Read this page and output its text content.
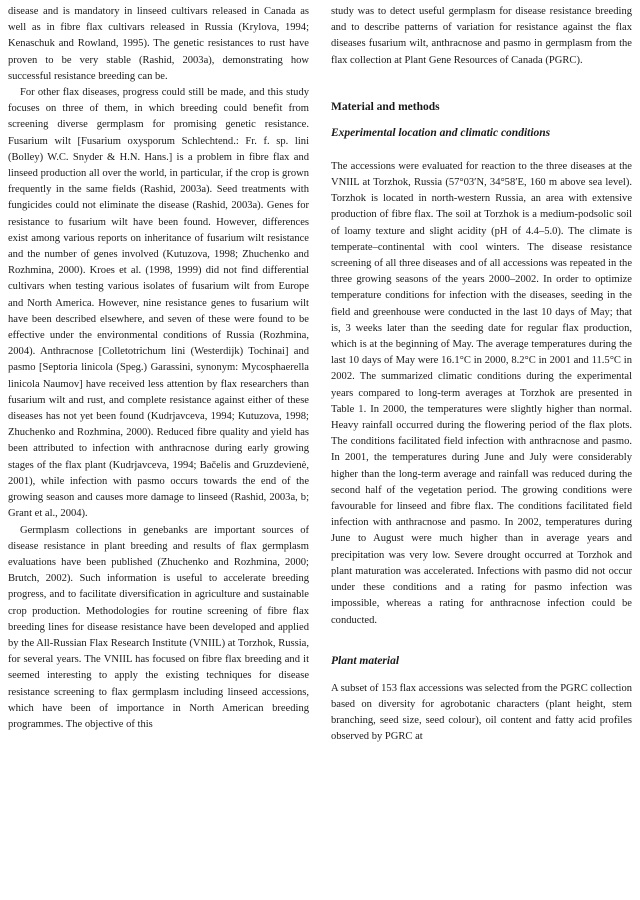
disease and is mandatory in linseed cultivars released in Canada as well as in fibre flax cultivars released in Russia (Krylova, 1994; Kenaschuk and Rowland, 1995). The genetic resistances to rust have proven to be very stable (Rashid, 2003a), demonstrating how successful resistance breeding can be.

For other flax diseases, progress could still be made, and this study focuses on three of them, in which breeding could benefit from screening diverse germplasm for promising genetic resistance. Fusarium wilt [Fusarium oxysporum Schlechtend.: Fr. f. sp. lini (Bolley) W.C. Snyder & H.N. Hans.] is a problem in fibre flax and linseed production all over the world, in particular, if the crop is grown frequently in the same fields (Rashid, 2003a). Seed treatments with fungicides could not eliminate the disease (Rashid, 2003a). Genes for resistance to fusarium wilt have been found. However, differences exist among various reports on inheritance of fusarium wilt resistance and the number of genes involved (Kutuzova, 1998; Zhuchenko and Rozhmina, 2000). Kroes et al. (1998, 1999) did not find differential cultivars when testing various isolates of fusarium wilt from Europe and North America. However, nine resistance genes to fusarium wilt have been described elsewhere, and seven of these were found to be effective under the environmental conditions of Russia (Rozhmina, 2004). Anthracnose [Colletotrichum lini (Westerdijk) Tochinai] and pasmo [Septoria linicola (Speg.) Garassini, synonym: Mycosphaerella linicola Naumov] have received less attention by flax researchers than fusarium wilt and rust, and complete resistance against either of these diseases has not yet been found (Kudrjavceva, 1994; Kutuzova, 1998; Zhuchenko and Rozhmina, 2000). Reduced fibre quality and yield has been attributed to infection with anthracnose during early growing stages of the flax plant (Kudrjavceva, 1994; Bačelis and Gruzdevienė, 2001), while infection with pasmo occurs towards the end of the growing season and causes more damage to linseed (Rashid, 2003a, b; Grant et al., 2004).

Germplasm collections in genebanks are important sources of disease resistance in plant breeding and results of flax germplasm evaluations have been published (Zhuchenko and Rozhmina, 2000; Brutch, 2002). Such information is useful to accelerate breeding progress, and to facilitate diversification in agriculture and sustainable crop production. Methodologies for routine screening of fibre flax breeding lines for disease resistance have been developed and applied by the All-Russian Flax Research Institute (VNIIL) at Torzhok, Russia, for several years. The VNIIL has focused on fibre flax breeding and it seemed interesting to apply the existing techniques for disease resistance screening to flax germplasm including linseed accessions, which have been of importance in North American breeding programmes. The objective of this

study was to detect useful germplasm for disease resistance breeding and to describe patterns of variation for resistance against the flax diseases fusarium wilt, anthracnose and pasmo in germplasm from the flax collection at Plant Gene Resources of Canada (PGRC).

Material and methods
Experimental location and climatic conditions

The accessions were evaluated for reaction to the three diseases at the VNIIL at Torzhok, Russia (57°03′N, 34°58′E, 160 m above sea level). Torzhok is located in north-western Russia, an area with extensive production of fibre flax. The soil at Torzhok is a medium-podsolic soil of loamy texture and slight acidity (pH of 4.4–5.0). The climate is temperate–continental with cool winters. The disease resistance screening of all three diseases and of all accessions was repeated in the three growing seasons of the years 2000–2002. In order to optimize temperature conditions for infection with the diseases, seeding in the field and greenhouse were conducted in the last 10 days of May; that is, 3 weeks later than the seeding date for regular flax production, which is at the beginning of May. The average temperatures during the last 10 days of May were 16.1°C in 2000, 8.2°C in 2001 and 11.5°C in 2002. The summarized climatic conditions during the experimental years compared to long-term averages at Torzhok are presented in Table 1. In 2000, the temperatures were slightly higher than normal. Heavy rainfall occurred during the flowering period of the flax plots. The conditions facilitated field infection with anthracnose and pasmo. In 2001, the temperatures during June and July were considerably higher than the long-term average and rainfall was reduced during the second half of the vegetation period. The growing conditions were favourable for linseed and fibre flax. The conditions facilitated field infection with anthracnose and pasmo. In 2002, temperatures during June to August were much higher than in average years and precipitation was very low. Severe drought occurred at Torzhok and plant maturation was accelerated. Infections with pasmo did not occur under these conditions and a rating for pasmo infection was impossible, whereas a rating for anthracnose infection could be conducted.

Plant material

A subset of 153 flax accessions was selected from the PGRC collection based on diversity for agrobotanic characters (plant height, stem branching, seed size, seed colour), oil content and fatty acid profiles observed by PGRC at
